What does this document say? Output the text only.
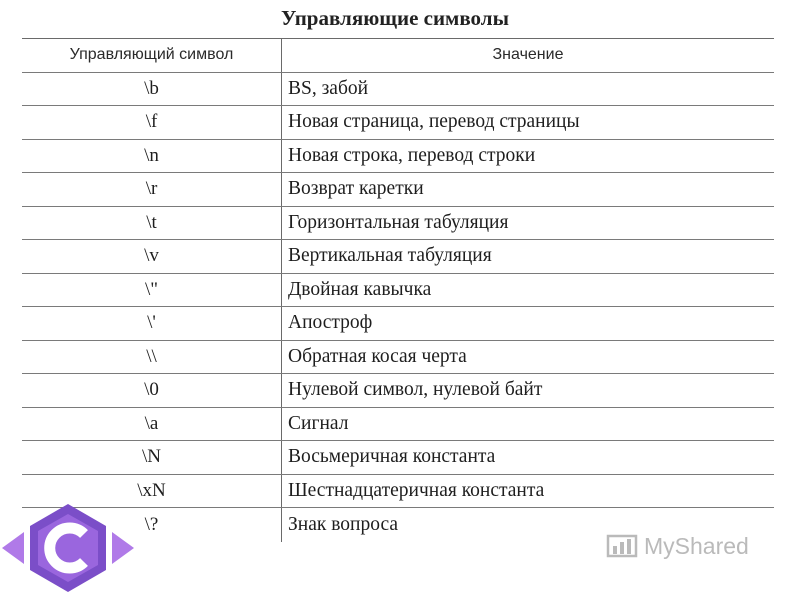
Управляющие символы
Управляющий символ	Значение
\b	BS, забой
\f	Новая страница, перевод страницы
\n	Новая строка, перевод строки
\r	Возврат каретки
\t	Горизонтальная табуляция
\v	Вертикальная табуляция
\"	Двойная кавычка
\'	Апостроф
\\	Обратная косая черта
\0	Нулевой символ, нулевой байт
\a	Сигнал
\N	Восьмеричная константа
\xN	Шестнадцатеричная константа
\?	Знак вопроса
MyShared
